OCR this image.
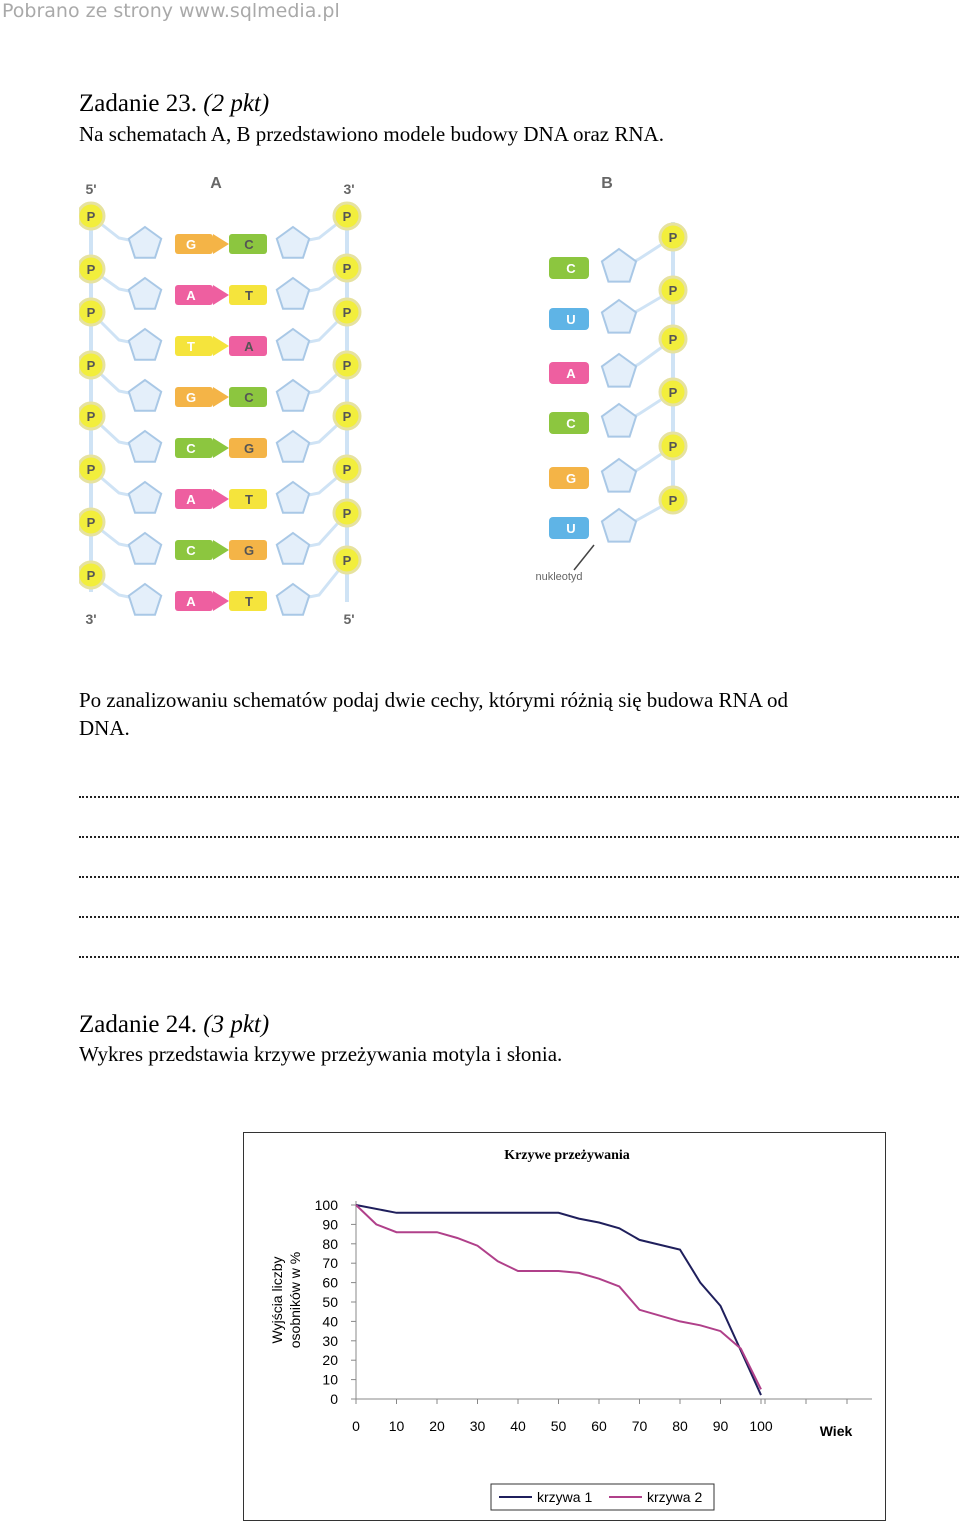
Pobrano ze strony www.sqlmedia.pl
Zadanie 23. (2 pkt)
Na schematach A, B przedstawiono modele budowy DNA oraz RNA.
A
5'	3'
3'	5'
G	C
A	T
T	A
G	C
C	G
A	T
C	G
A	T
P
P
P
P
P
P
P
P
P
P
P
P
P
P
P
P
B
C
U
A
C
G
U
P
P
P
P
P
P
nukleotyd
Po zanalizowaniu schematów podaj dwie cechy, którymi różnią się budowa RNA od
DNA.
Zadanie 24. (3 pkt)
Wykres przedstawia krzywe przeżywania motyla i słonia.
Krzywe przeżywania
Wyjścia liczby osobników w %
Wiek
100
90
80
70
60
50
40
30
20
10
0
0 10 20 30 40 50 60 70 80 90 100
krzywa 1	krzywa 2
